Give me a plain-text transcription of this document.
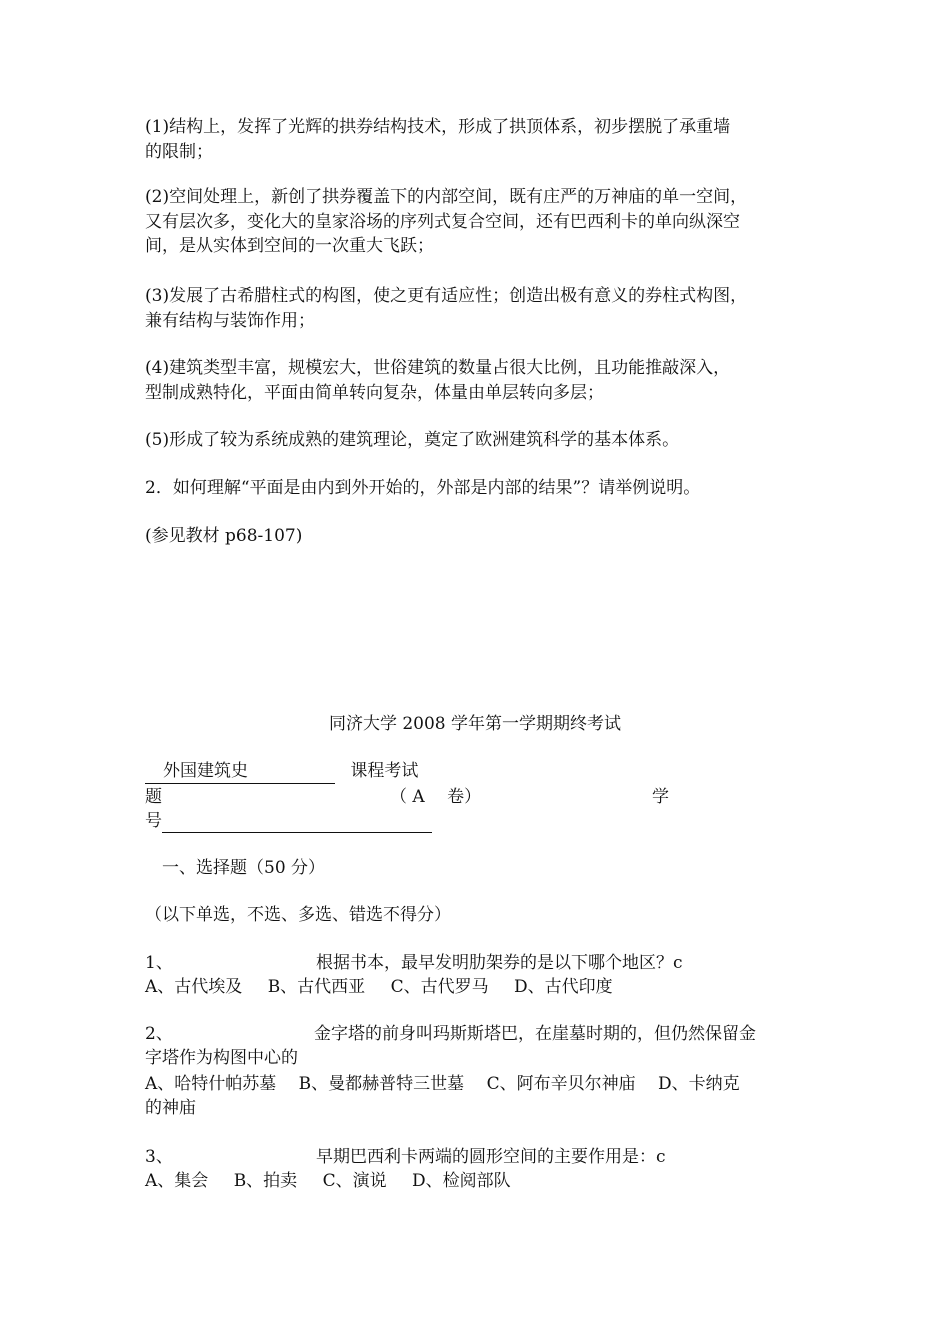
(1)结构上，发挥了光辉的拱券结构技术，形成了拱顶体系，初步摆脱了承重墙
的限制；
(2)空间处理上，新创了拱券覆盖下的内部空间，既有庄严的万神庙的单一空间，
又有层次多，变化大的皇家浴场的序列式复合空间，还有巴西利卡的单向纵深空
间，是从实体到空间的一次重大飞跃；
(3)发展了古希腊柱式的构图，使之更有适应性；创造出极有意义的券柱式构图，
兼有结构与装饰作用；
(4)建筑类型丰富，规模宏大，世俗建筑的数量占很大比例，且功能推敲深入，
型制成熟特化，平面由简单转向复杂，体量由单层转向多层；
(5)形成了较为系统成熟的建筑理论，奠定了欧洲建筑科学的基本体系。
2．如何理解“平面是由内到外开始的，外部是内部的结果”？请举例说明。
(参见教材 p68-107)
同济大学 2008 学年第一学期期终考试
外国建筑史	课程考试
题	（ A　 卷）	学
号
一、选择题（50 分）
（以下单选，不选、多选、错选不得分）
1、	根据书本，最早发明肋架券的是以下哪个地区？c
A、古代埃及 B、古代西亚 C、古代罗马 D、古代印度
2、	金字塔的前身叫玛斯斯塔巴，在崖墓时期的，但仍然保留金
字塔作为构图中心的
A、哈特什帕苏墓　 B、曼都赫普特三世墓　 C、阿布辛贝尔神庙　 D、卡纳克
的神庙
3、	早期巴西利卡两端的圆形空间的主要作用是：c
A、集会 B、拍卖 C、演说 D、检阅部队
